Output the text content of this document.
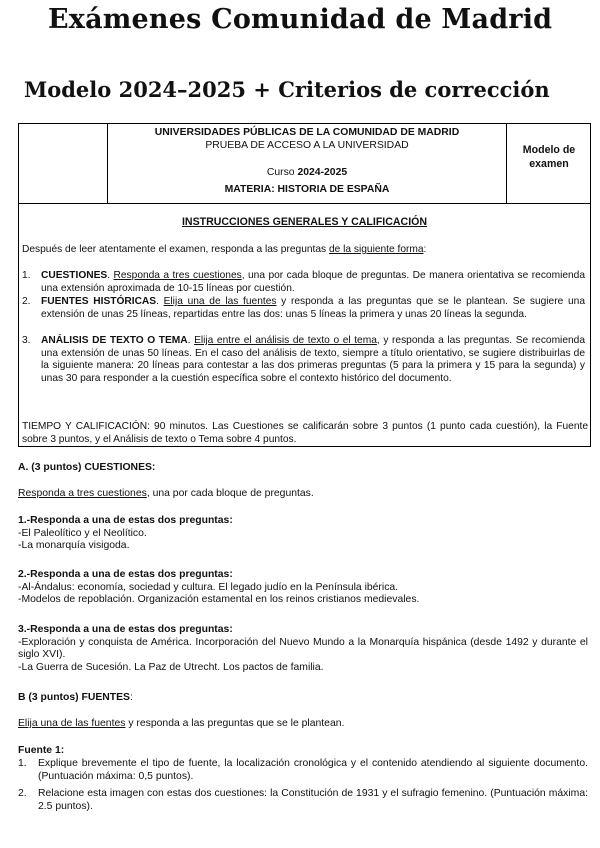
Exámenes Comunidad de Madrid
Modelo 2024–2025 + Criterios de corrección
UNIVERSIDADES PÚBLICAS DE LA COMUNIDAD DE MADRID
PRUEBA DE ACCESO A LA UNIVERSIDAD
Curso 2024-2025
MATERIA: HISTORIA DE ESPAÑA
Modelo de
examen
INSTRUCCIONES GENERALES Y CALIFICACIÓN
Después de leer atentamente el examen, responda a las preguntas de la siguiente forma:
1. CUESTIONES. Responda a tres cuestiones, una por cada bloque de preguntas. De manera orientativa se recomienda una extensión aproximada de 10-15 líneas por cuestión.
2. FUENTES HISTÓRICAS. Elija una de las fuentes y responda a las preguntas que se le plantean. Se sugiere una extensión de unas 25 líneas, repartidas entre las dos: unas 5 líneas la primera y unas 20 líneas la segunda.
3. ANÁLISIS DE TEXTO O TEMA. Elija entre el análisis de texto o el tema, y responda a las preguntas. Se recomienda una extensión de unas 50 líneas. En el caso del análisis de texto, siempre a título orientativo, se sugiere distribuirlas de la siguiente manera: 20 líneas para contestar a las dos primeras preguntas (5 para la primera y 15 para la segunda) y unas 30 para responder a la cuestión específica sobre el contexto histórico del documento.
TIEMPO Y CALIFICACIÓN: 90 minutos. Las Cuestiones se calificarán sobre 3 puntos (1 punto cada cuestión), la Fuente sobre 3 puntos, y el Análisis de texto o Tema sobre 4 puntos.
A. (3 puntos) CUESTIONES:
Responda a tres cuestiones, una por cada bloque de preguntas.
1.-Responda a una de estas dos preguntas:
-El Paleolítico y el Neolítico.
-La monarquía visigoda.
2.-Responda a una de estas dos preguntas:
-Al-Ándalus: economía, sociedad y cultura. El legado judío en la Península ibérica.
-Modelos de repoblación. Organización estamental en los reinos cristianos medievales.
3.-Responda a una de estas dos preguntas:
-Exploración y conquista de América. Incorporación del Nuevo Mundo a la Monarquía hispánica (desde 1492 y durante el siglo XVI).
-La Guerra de Sucesión. La Paz de Utrecht. Los pactos de familia.
B (3 puntos) FUENTES:
Elija una de las fuentes y responda a las preguntas que se le plantean.
Fuente 1:
1. Explique brevemente el tipo de fuente, la localización cronológica y el contenido atendiendo al siguiente documento. (Puntuación máxima: 0,5 puntos).
2. Relacione esta imagen con estas dos cuestiones: la Constitución de 1931 y el sufragio femenino. (Puntuación máxima: 2.5 puntos).
